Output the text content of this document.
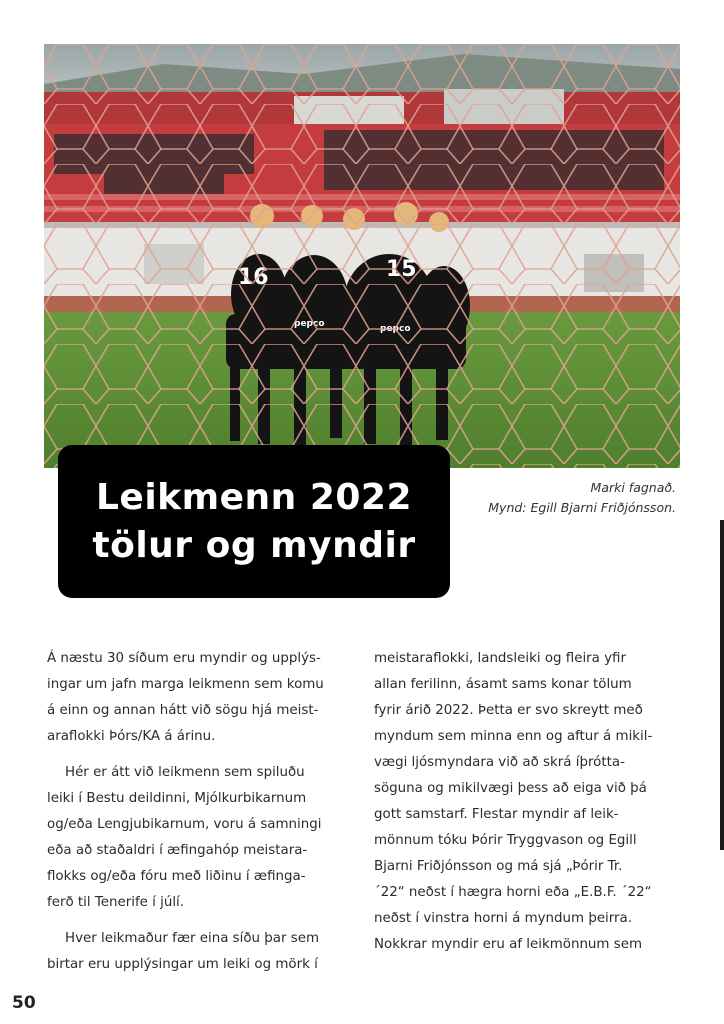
Leikmenn 2022
tölur og myndir
Marki fagnað.
Mynd: Egill Bjarni Friðjónsson.
Á næstu 30 síðum eru myndir og upplýs-
ingar um jafn marga leikmenn sem komu
á einn og annan hátt við sögu hjá meist-
araflokki Þórs/KA á árinu.
Hér er átt við leikmenn sem spiluðu
leiki í Bestu deildinni, Mjólkurbikarnum
og/eða Lengjubikarnum, voru á samningi
eða að staðaldri í æfingahóp meistara-
flokks og/eða fóru með liðinu í æfinga-
ferð til Tenerife í júlí.
Hver leikmaður fær eina síðu þar sem
birtar eru upplýsingar um leiki og mörk í
meistaraflokki, landsleiki og fleira yfir
allan ferilinn, ásamt sams konar tölum
fyrir árið 2022. Þetta er svo skreytt með
myndum sem minna enn og aftur á mikil-
vægi ljósmyndara við að skrá íþrótta-
söguna og mikilvægi þess að eiga við þá
gott samstarf. Flestar myndir af leik-
mönnum tóku Þórir Tryggvason og Egill
Bjarni Friðjónsson og má sjá „Þórir Tr.
´22“ neðst í hægra horni eða „E.B.F. ´22“
neðst í vinstra horni á myndum þeirra.
Nokkrar myndir eru af leikmönnum sem
50
